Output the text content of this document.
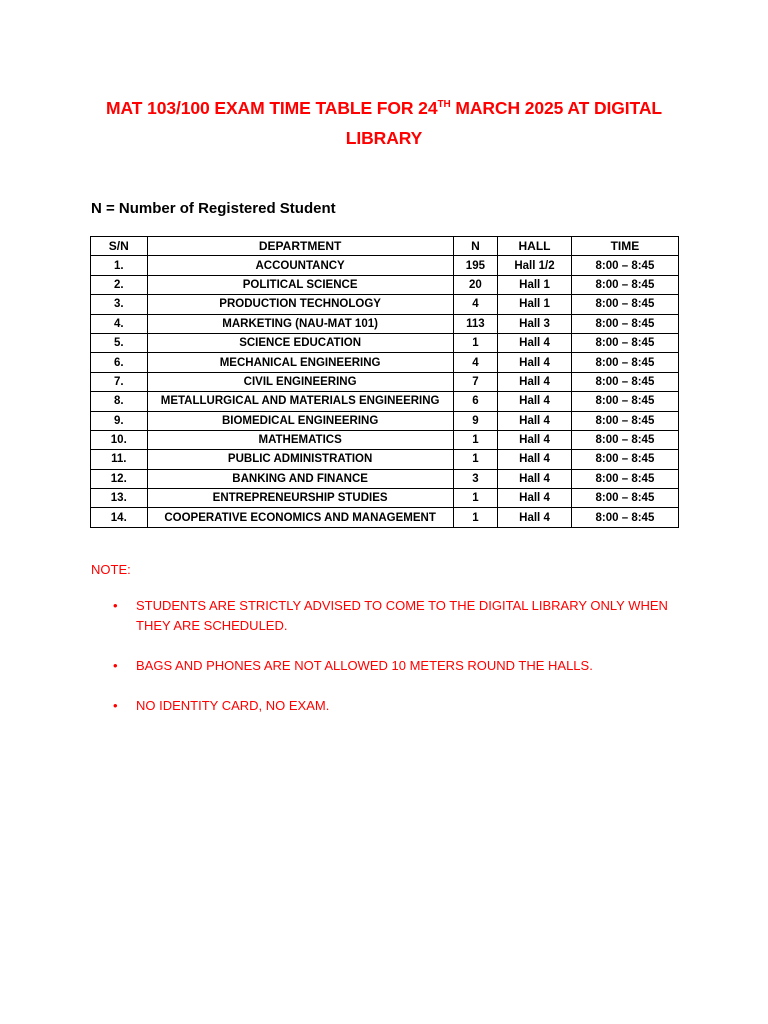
MAT 103/100 EXAM TIME TABLE FOR 24TH MARCH 2025 AT DIGITAL
LIBRARY
N = Number of Registered Student
S/N	DEPARTMENT	N	HALL	TIME
1.	ACCOUNTANCY	195	Hall 1/2	8:00 – 8:45
2.	POLITICAL SCIENCE	20	Hall 1	8:00 – 8:45
3.	PRODUCTION TECHNOLOGY	4	Hall 1	8:00 – 8:45
4.	MARKETING (NAU-MAT 101)	113	Hall 3	8:00 – 8:45
5.	SCIENCE EDUCATION	1	Hall 4	8:00 – 8:45
6.	MECHANICAL ENGINEERING	4	Hall 4	8:00 – 8:45
7.	CIVIL ENGINEERING	7	Hall 4	8:00 – 8:45
8.	METALLURGICAL AND MATERIALS ENGINEERING	6	Hall 4	8:00 – 8:45
9.	BIOMEDICAL ENGINEERING	9	Hall 4	8:00 – 8:45
10.	MATHEMATICS	1	Hall 4	8:00 – 8:45
11.	PUBLIC ADMINISTRATION	1	Hall 4	8:00 – 8:45
12.	BANKING AND FINANCE	3	Hall 4	8:00 – 8:45
13.	ENTREPRENEURSHIP STUDIES	1	Hall 4	8:00 – 8:45
14.	COOPERATIVE ECONOMICS AND MANAGEMENT	1	Hall 4	8:00 – 8:45
NOTE:
• STUDENTS ARE STRICTLY ADVISED TO COME TO THE DIGITAL LIBRARY ONLY WHEN THEY ARE SCHEDULED.
• BAGS AND PHONES ARE NOT ALLOWED 10 METERS ROUND THE HALLS.
• NO IDENTITY CARD, NO EXAM.
